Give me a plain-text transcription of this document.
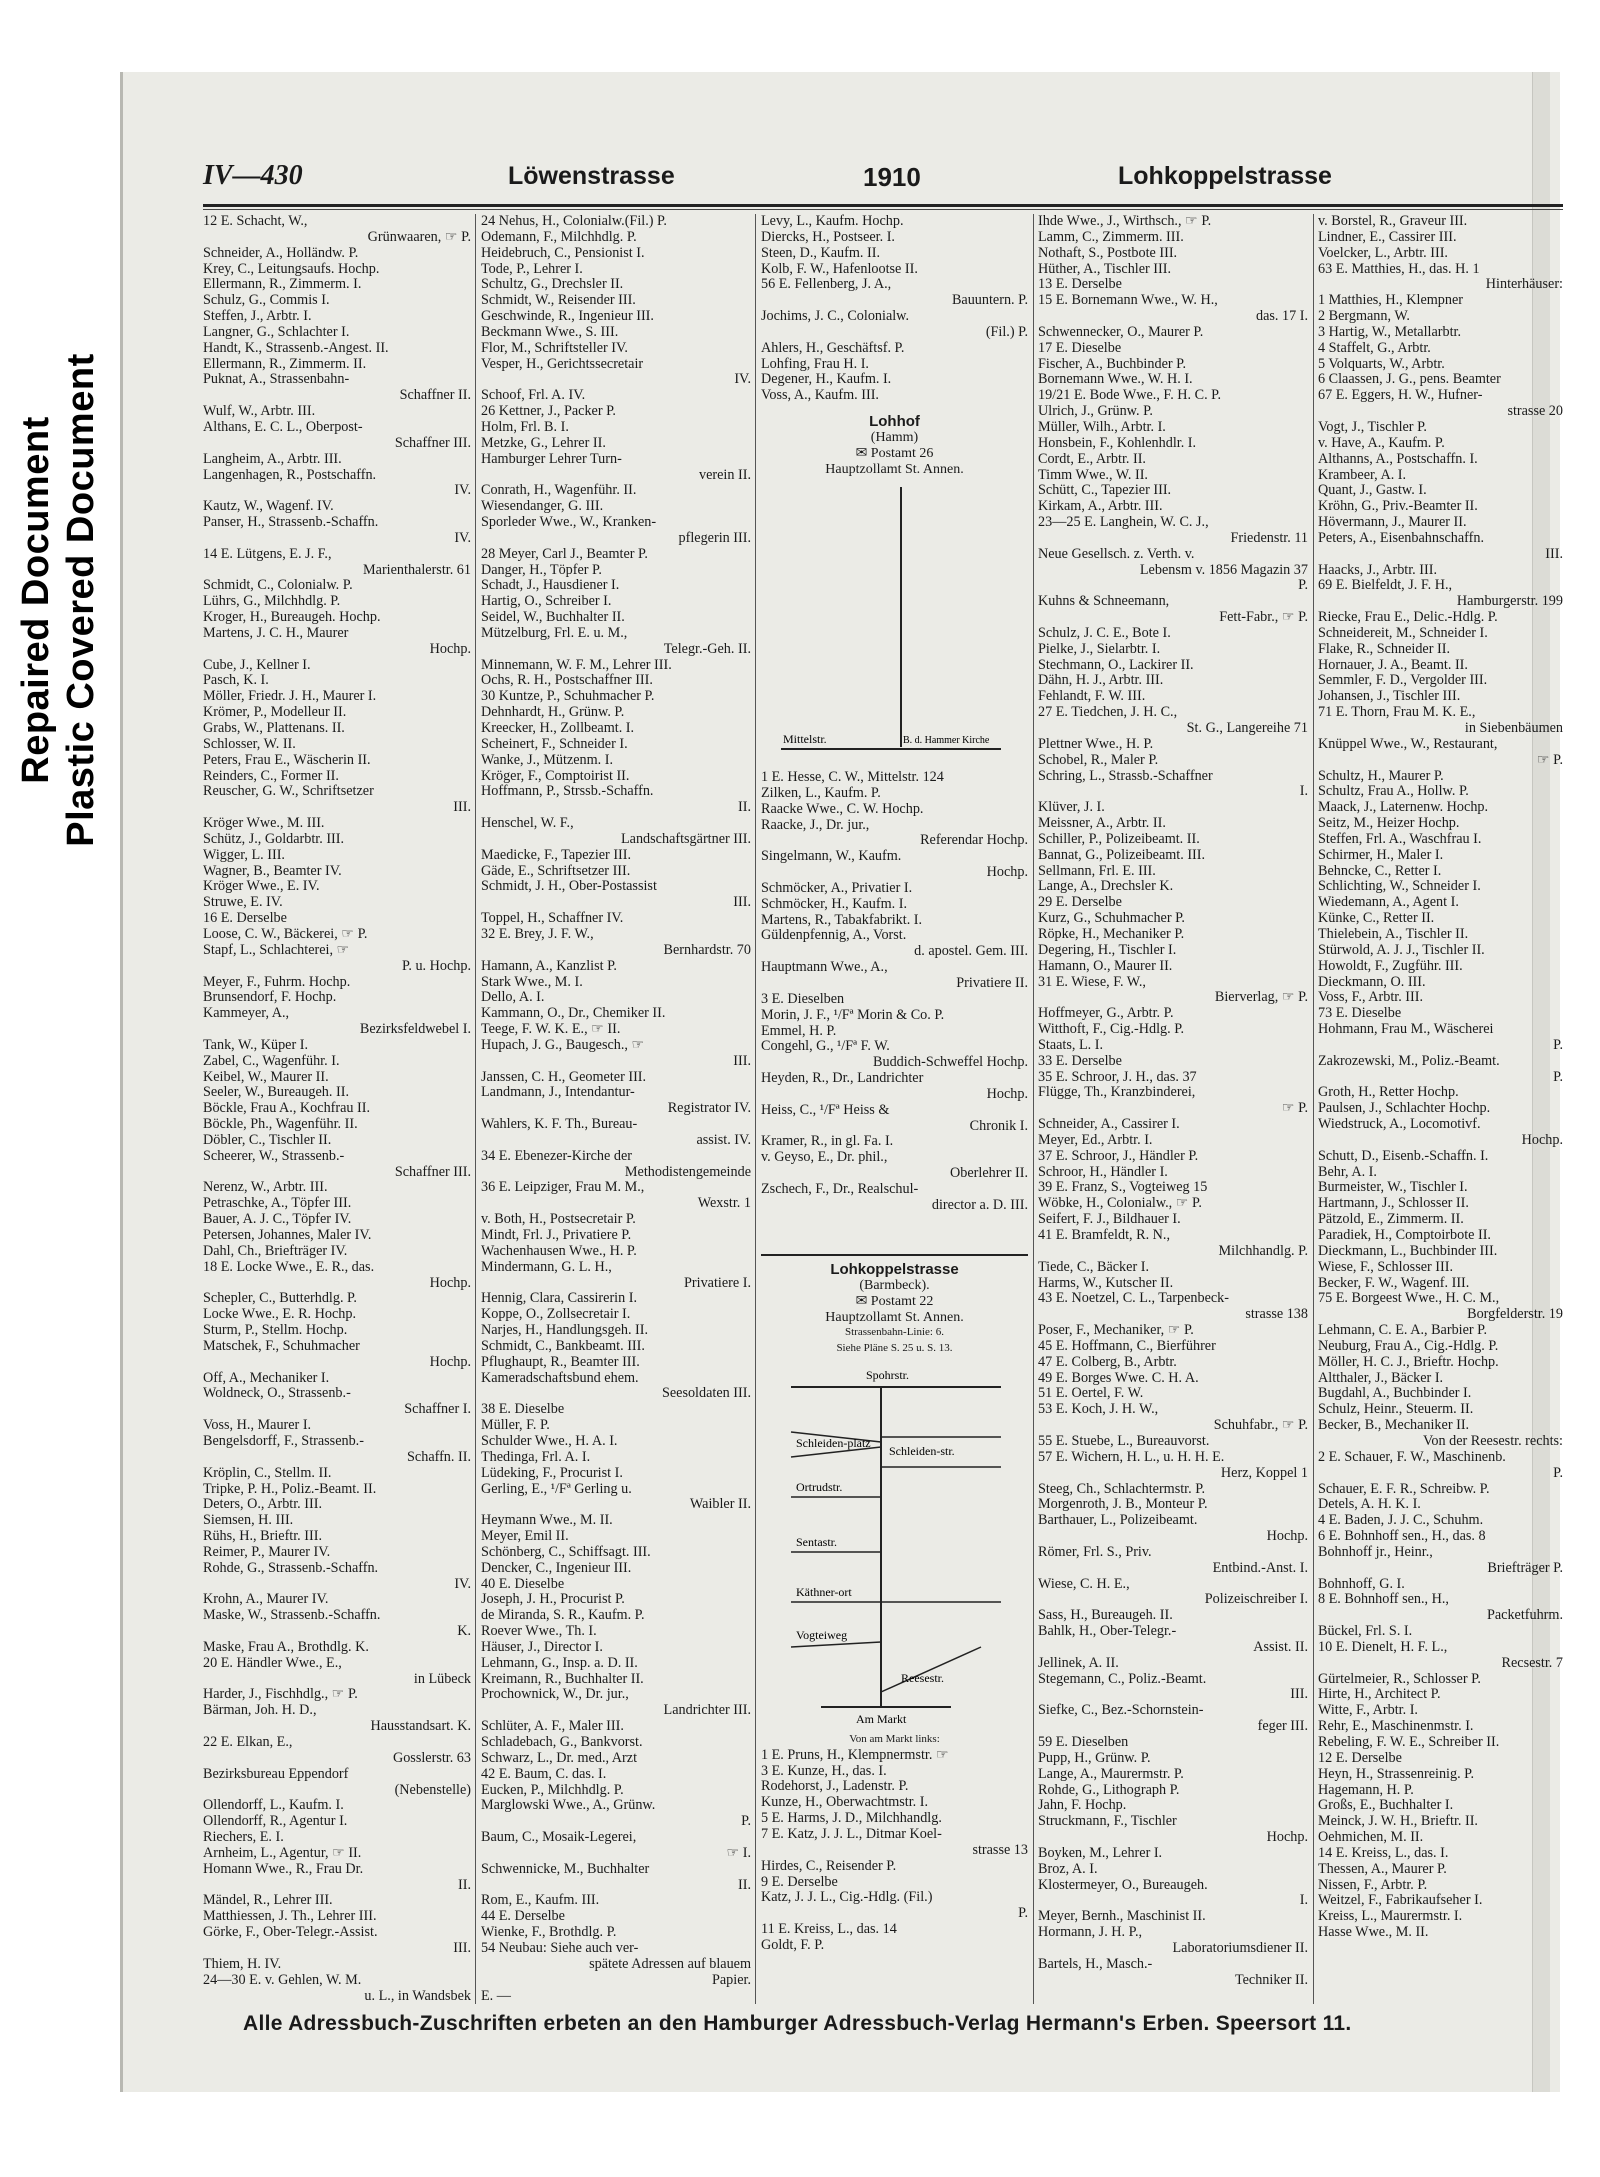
Repaired Document Plastic Covered Document
IV—430	Löwenstrasse	1910	Lohkoppelstrasse
12 E. Schacht, W.,
Grünwaaren, ☞ P.
Schneider, A., Holländw. P.
Krey, C., Leitungsaufs. Hochp.
Ellermann, R., Zimmerm. I.
Schulz, G., Commis I.
Steffen, J., Arbtr. I.
Langner, G., Schlachter I.
Handt, K., Strassenb.-Angest. II.
Ellermann, R., Zimmerm. II.
Puknat, A., Strassenbahn-
Schaffner II.
Wulf, W., Arbtr. III.
Althans, E. C. L., Oberpost-
Schaffner III.
Langheim, A., Arbtr. III.
Langenhagen, R., Postschaffn.
IV.
Kautz, W., Wagenf. IV.
Panser, H., Strassenb.-Schaffn.
IV.
14 E. Lütgens, E. J. F.,
Marienthalerstr. 61
Schmidt, C., Colonialw. P.
Lührs, G., Milchhdlg. P.
Kroger, H., Bureaugeh. Hochp.
Martens, J. C. H., Maurer
Hochp.
Cube, J., Kellner I.
Pasch, K. I.
Möller, Friedr. J. H., Maurer I.
Krömer, P., Modelleur II.
Grabs, W., Plattenans. II.
Schlosser, W. II.
Peters, Frau E., Wäscherin II.
Reinders, C., Former II.
Reuscher, G. W., Schriftsetzer
III.
Kröger Wwe., M. III.
Schütz, J., Goldarbtr. III.
Wigger, L. III.
Wagner, B., Beamter IV.
Kröger Wwe., E. IV.
Struwe, E. IV.
16 E. Derselbe
Loose, C. W., Bäckerei, ☞ P.
Stapf, L., Schlachterei, ☞
P. u. Hochp.
Meyer, F., Fuhrm. Hochp.
Brunsendorf, F. Hochp.
Kammeyer, A.,
Bezirksfeldwebel I.
Tank, W., Küper I.
Zabel, C., Wagenführ. I.
Keibel, W., Maurer II.
Seeler, W., Bureaugeh. II.
Böckle, Frau A., Kochfrau II.
Böckle, Ph., Wagenführ. II.
Döbler, C., Tischler II.
Scheerer, W., Strassenb.-
Schaffner III.
Nerenz, W., Arbtr. III.
Petraschke, A., Töpfer III.
Bauer, A. J. C., Töpfer IV.
Petersen, Johannes, Maler IV.
Dahl, Ch., Briefträger IV.
18 E. Locke Wwe., E. R., das.
Hochp.
Schepler, C., Butterhdlg. P.
Locke Wwe., E. R. Hochp.
Sturm, P., Stellm. Hochp.
Matschek, F., Schuhmacher
Hochp.
Off, A., Mechaniker I.
Woldneck, O., Strassenb.-
Schaffner I.
Voss, H., Maurer I.
Bengelsdorff, F., Strassenb.-
Schaffn. II.
Kröplin, C., Stellm. II.
Tripke, P. H., Poliz.-Beamt. II.
Deters, O., Arbtr. III.
Siemsen, H. III.
Rühs, H., Brieftr. III.
Reimer, P., Maurer IV.
Rohde, G., Strassenb.-Schaffn.
IV.
Krohn, A., Maurer IV.
Maske, W., Strassenb.-Schaffn.
K.
Maske, Frau A., Brothdlg. K.
20 E. Händler Wwe., E.,
in Lübeck
Harder, J., Fischhdlg., ☞ P.
Bärman, Joh. H. D.,
Hausstandsart. K.
22 E. Elkan, E.,
Gosslerstr. 63
Bezirksbureau Eppendorf
(Nebenstelle)
Ollendorff, L., Kaufm. I.
Ollendorff, R., Agentur I.
Riechers, E. I.
Arnheim, L., Agentur, ☞ II.
Homann Wwe., R., Frau Dr.
II.
Mändel, R., Lehrer III.
Matthiessen, J. Th., Lehrer III.
Görke, F., Ober-Telegr.-Assist.
III.
Thiem, H. IV.
24—30 E. v. Gehlen, W. M.
u. L., in Wandsbek
24 Nehus, H., Colonialw.(Fil.) P.
Odemann, F., Milchhdlg. P.
Heidebruch, C., Pensionist I.
Tode, P., Lehrer I.
Schultz, G., Drechsler II.
Schmidt, W., Reisender III.
Geschwinde, R., Ingenieur III.
Beckmann Wwe., S. III.
Flor, M., Schriftsteller IV.
Vesper, H., Gerichtssecretair
IV.
Schoof, Frl. A. IV.
26 Kettner, J., Packer P.
Holm, Frl. B. I.
Metzke, G., Lehrer II.
Hamburger Lehrer Turn-
verein II.
Conrath, H., Wagenführ. II.
Wiesendanger, G. III.
Sporleder Wwe., W., Kranken-
pflegerin III.
28 Meyer, Carl J., Beamter P.
Danger, H., Töpfer P.
Schadt, J., Hausdiener I.
Hartig, O., Schreiber I.
Seidel, W., Buchhalter II.
Mützelburg, Frl. E. u. M.,
Telegr.-Geh. II.
Minnemann, W. F. M., Lehrer III.
Ochs, R. H., Postschaffner III.
30 Kuntze, P., Schuhmacher P.
Dehnhardt, H., Grünw. P.
Kreecker, H., Zollbeamt. I.
Scheinert, F., Schneider I.
Wanke, J., Mützenm. I.
Kröger, F., Comptoirist II.
Hoffmann, P., Strssb.-Schaffn.
II.
Henschel, W. F.,
Landschaftsgärtner III.
Maedicke, F., Tapezier III.
Gäde, E., Schriftsetzer III.
Schmidt, J. H., Ober-Postassist
III.
Toppel, H., Schaffner IV.
32 E. Brey, J. F. W.,
Bernhardstr. 70
Hamann, A., Kanzlist P.
Stark Wwe., M. I.
Dello, A. I.
Kammann, O., Dr., Chemiker II.
Teege, F. W. K. E., ☞ II.
Hupach, J. G., Baugesch., ☞
III.
Janssen, C. H., Geometer III.
Landmann, J., Intendantur-
Registrator IV.
Wahlers, K. F. Th., Bureau-
assist. IV.
34 E. Ebenezer-Kirche der
Methodistengemeinde
36 E. Leipziger, Frau M. M.,
Wexstr. 1
v. Both, H., Postsecretair P.
Mindt, Frl. J., Privatiere P.
Wachenhausen Wwe., H. P.
Mindermann, G. L. H.,
Privatiere I.
Hennig, Clara, Cassirerin I.
Koppe, O., Zollsecretair I.
Narjes, H., Handlungsgeh. II.
Schmidt, C., Bankbeamt. III.
Pflughaupt, R., Beamter III.
Kameradschaftsbund ehem.
Seesoldaten III.
38 E. Dieselbe
Müller, F. P.
Schulder Wwe., H. A. I.
Thedinga, Frl. A. I.
Lüdeking, F., Procurist I.
Gerling, E., ¹/Fª Gerling u.
Waibler II.
Heymann Wwe., M. II.
Meyer, Emil II.
Schönberg, C., Schiffsagt. III.
Dencker, C., Ingenieur III.
40 E. Dieselbe
Joseph, J. H., Procurist P.
de Miranda, S. R., Kaufm. P.
Roever Wwe., Th. I.
Häuser, J., Director I.
Lehmann, G., Insp. a. D. II.
Kreimann, R., Buchhalter II.
Prochownick, W., Dr. jur.,
Landrichter III.
Schlüter, A. F., Maler III.
Schladebach, G., Bankvorst.
Schwarz, L., Dr. med., Arzt
42 E. Baum, C. das. I.
Eucken, P., Milchhdlg. P.
Marglowski Wwe., A., Grünw.
P.
Baum, C., Mosaik-Legerei,
☞ I.
Schwennicke, M., Buchhalter
II.
Rom, E., Kaufm. III.
44 E. Derselbe
Wienke, F., Brothdlg. P.
54 Neubau: Siehe auch ver-
spätete Adressen auf blauem
Papier.
E. —
Levy, L., Kaufm. Hochp.
Diercks, H., Postseer. I.
Steen, D., Kaufm. II.
Kolb, F. W., Hafenlootse II.
56 E. Fellenberg, J. A.,
Bauuntern. P.
Jochims, J. C., Colonialw.
(Fil.) P.
Ahlers, H., Geschäftsf. P.
Lohfing, Frau H. I.
Degener, H., Kaufm. I.
Voss, A., Kaufm. III.
Lohhof
(Hamm)
✉ Postamt 26
Hauptzollamt St. Annen.
Mittelstr.	B. d. Hammer Kirche
1 E. Hesse, C. W., Mittelstr. 124
Zilken, L., Kaufm. P.
Raacke Wwe., C. W. Hochp.
Raacke, J., Dr. jur.,
Referendar Hochp.
Singelmann, W., Kaufm.
Hochp.
Schmöcker, A., Privatier I.
Schmöcker, H., Kaufm. I.
Martens, R., Tabakfabrikt. I.
Güldenpfennig, A., Vorst.
d. apostel. Gem. III.
Hauptmann Wwe., A.,
Privatiere II.
3 E. Dieselben
Morin, J. F., ¹/Fª Morin & Co. P.
Emmel, H. P.
Congehl, G., ¹/Fª F. W.
Buddich-Schweffel Hochp.
Heyden, R., Dr., Landrichter
Hochp.
Heiss, C., ¹/Fª Heiss &
Chronik I.
Kramer, R., in gl. Fa. I.
v. Geyso, E., Dr. phil.,
Oberlehrer II.
Zschech, F., Dr., Realschul-
director a. D. III.
Lohkoppelstrasse
(Barmbeck).
✉ Postamt 22
Hauptzollamt St. Annen.
Strassenbahn-Linie: 6.
Siehe Pläne S. 25 u. S. 13.
Spohrstr.
Schleiden-platz
Schleiden-str.
Ortrudstr.
Sentastr.
Käthner-ort
Vogteiweg
Reesestr.
Am Markt
Von am Markt links:
1 E. Pruns, H., Klempnermstr. ☞
3 E. Kunze, H., das. I.
Rodehorst, J., Ladenstr. P.
Kunze, H., Oberwachtmstr. I.
5 E. Harms, J. D., Milchhandlg.
7 E. Katz, J. J. L., Ditmar Koel-
strasse 13
Hirdes, C., Reisender P.
9 E. Derselbe
Katz, J. J. L., Cig.-Hdlg. (Fil.)
P.
11 E. Kreiss, L., das. 14
Goldt, F. P.
Ihde Wwe., J., Wirthsch., ☞ P.
Lamm, C., Zimmerm. III.
Nothaft, S., Postbote III.
Hüther, A., Tischler III.
13 E. Derselbe
15 E. Bornemann Wwe., W. H.,
das. 17 I.
Schwennecker, O., Maurer P.
17 E. Dieselbe
Fischer, A., Buchbinder P.
Bornemann Wwe., W. H. I.
19/21 E. Bode Wwe., F. H. C. P.
Ulrich, J., Grünw. P.
Müller, Wilh., Arbtr. I.
Honsbein, F., Kohlenhdlr. I.
Cordt, E., Arbtr. II.
Timm Wwe., W. II.
Schütt, C., Tapezier III.
Kirkam, A., Arbtr. III.
23—25 E. Langhein, W. C. J.,
Friedenstr. 11
Neue Gesellsch. z. Verth. v.
Lebensm v. 1856 Magazin 37
P.
Kuhns & Schneemann,
Fett-Fabr., ☞ P.
Schulz, J. C. E., Bote I.
Pielke, J., Sielarbtr. I.
Stechmann, O., Lackirer II.
Dähn, H. J., Arbtr. III.
Fehlandt, F. W. III.
27 E. Tiedchen, J. H. C.,
St. G., Langereihe 71
Plettner Wwe., H. P.
Schobel, R., Maler P.
Schring, L., Strassb.-Schaffner
I.
Klüver, J. I.
Meissner, A., Arbtr. II.
Schiller, P., Polizeibeamt. II.
Bannat, G., Polizeibeamt. III.
Sellmann, Frl. E. III.
Lange, A., Drechsler K.
29 E. Derselbe
Kurz, G., Schuhmacher P.
Röpke, H., Mechaniker P.
Degering, H., Tischler I.
Hamann, O., Maurer II.
31 E. Wiese, F. W.,
Bierverlag, ☞ P.
Hoffmeyer, G., Arbtr. P.
Witthoft, F., Cig.-Hdlg. P.
Staats, L. I.
33 E. Derselbe
35 E. Schroor, J. H., das. 37
Flügge, Th., Kranzbinderei,
☞ P.
Schneider, A., Cassirer I.
Meyer, Ed., Arbtr. I.
37 E. Schroor, J., Händler P.
Schroor, H., Händler I.
39 E. Franz, S., Vogteiweg 15
Wöbke, H., Colonialw., ☞ P.
Seifert, F. J., Bildhauer I.
41 E. Bramfeldt, R. N.,
Milchhandlg. P.
Tiede, C., Bäcker I.
Harms, W., Kutscher II.
43 E. Noetzel, C. L., Tarpenbeck-
strasse 138
Poser, F., Mechaniker, ☞ P.
45 E. Hoffmann, C., Bierführer
47 E. Colberg, B., Arbtr.
49 E. Borges Wwe. C. H. A.
51 E. Oertel, F. W.
53 E. Koch, J. H. W.,
Schuhfabr., ☞ P.
55 E. Stuebe, L., Bureauvorst.
57 E. Wichern, H. L., u. H. H. E.
Herz, Koppel 1
Steeg, Ch., Schlachtermstr. P.
Morgenroth, J. B., Monteur P.
Barthauer, L., Polizeibeamt.
Hochp.
Römer, Frl. S., Priv.
Entbind.-Anst. I.
Wiese, C. H. E.,
Polizeischreiber I.
Sass, H., Bureaugeh. II.
Bahlk, H., Ober-Telegr.-
Assist. II.
Jellinek, A. II.
Stegemann, C., Poliz.-Beamt.
III.
Siefke, C., Bez.-Schornstein-
feger III.
59 E. Dieselben
Pupp, H., Grünw. P.
Lange, A., Maurermstr. P.
Rohde, G., Lithograph P.
Jahn, F. Hochp.
Struckmann, F., Tischler
Hochp.
Boyken, M., Lehrer I.
Broz, A. I.
Klostermeyer, O., Bureaugeh.
I.
Meyer, Bernh., Maschinist II.
Hormann, J. H. P.,
Laboratoriumsdiener II.
Bartels, H., Masch.-
Techniker II.
v. Borstel, R., Graveur III.
Lindner, E., Cassirer III.
Voelcker, L., Arbtr. III.
63 E. Matthies, H., das. H. 1
Hinterhäuser:
1 Matthies, H., Klempner
2 Bergmann, W.
3 Hartig, W., Metallarbtr.
4 Staffelt, G., Arbtr.
5 Volquarts, W., Arbtr.
6 Claassen, J. G., pens. Beamter
67 E. Eggers, H. W., Hufner-
strasse 20
Vogt, J., Tischler P.
v. Have, A., Kaufm. P.
Althanns, A., Postschaffn. I.
Krambeer, A. I.
Quant, J., Gastw. I.
Kröhn, G., Priv.-Beamter II.
Hövermann, J., Maurer II.
Peters, A., Eisenbahnschaffn.
III.
Haacks, J., Arbtr. III.
69 E. Bielfeldt, J. F. H.,
Hamburgerstr. 199
Riecke, Frau E., Delic.-Hdlg. P.
Schneidereit, M., Schneider I.
Flake, R., Schneider II.
Hornauer, J. A., Beamt. II.
Semmler, F. D., Vergolder III.
Johansen, J., Tischler III.
71 E. Thorn, Frau M. K. E.,
in Siebenbäumen
Knüppel Wwe., W., Restaurant,
☞ P.
Schultz, H., Maurer P.
Schultz, Frau A., Hollw. P.
Maack, J., Laternenw. Hochp.
Seitz, M., Heizer Hochp.
Steffen, Frl. A., Waschfrau I.
Schirmer, H., Maler I.
Behncke, C., Retter I.
Schlichting, W., Schneider I.
Wiedemann, A., Agent I.
Künke, C., Retter II.
Thielebein, A., Tischler II.
Stürwold, A. J. J., Tischler II.
Howoldt, F., Zugführ. III.
Dieckmann, O. III.
Voss, F., Arbtr. III.
73 E. Dieselbe
Hohmann, Frau M., Wäscherei
P.
Zakrozewski, M., Poliz.-Beamt.
P.
Groth, H., Retter Hochp.
Paulsen, J., Schlachter Hochp.
Wiedstruck, A., Locomotivf.
Hochp.
Schutt, D., Eisenb.-Schaffn. I.
Behr, A. I.
Burmeister, W., Tischler I.
Hartmann, J., Schlosser II.
Pätzold, E., Zimmerm. II.
Paradiek, H., Comptoirbote II.
Dieckmann, L., Buchbinder III.
Wiese, F., Schlosser III.
Becker, F. W., Wagenf. III.
75 E. Borgeest Wwe., H. C. M.,
Borgfelderstr. 19
Lehmann, C. E. A., Barbier P.
Neuburg, Frau A., Cig.-Hdlg. P.
Möller, H. C. J., Brieftr. Hochp.
Altthaler, J., Bäcker I.
Bugdahl, A., Buchbinder I.
Schulz, Heinr., Steuerm. II.
Becker, B., Mechaniker II.
Von der Reesestr. rechts:
2 E. Schauer, F. W., Maschinenb.
P.
Schauer, E. F. R., Schreibw. P.
Detels, A. H. K. I.
4 E. Baden, J. J. C., Schuhm.
6 E. Bohnhoff sen., H., das. 8
Bohnhoff jr., Heinr.,
Briefträger P.
Bohnhoff, G. I.
8 E. Bohnhoff sen., H.,
Packetfuhrm.
Bückel, Frl. S. I.
10 E. Dienelt, H. F. L.,
Recsestr. 7
Gürtelmeier, R., Schlosser P.
Hirte, H., Architect P.
Witte, F., Arbtr. I.
Rehr, E., Maschinenmstr. I.
Rebeling, F. W. E., Schreiber II.
12 E. Derselbe
Heyn, H., Strassenreinig. P.
Hagemann, H. P.
Großs, E., Buchhalter I.
Meinck, J. W. H., Brieftr. II.
Oehmichen, M. II.
14 E. Kreiss, L., das. I.
Thessen, A., Maurer P.
Nissen, F., Arbtr. P.
Weitzel, F., Fabrikaufseher I.
Kreiss, L., Maurermstr. I.
Hasse Wwe., M. II.
Alle Adressbuch-Zuschriften erbeten an den Hamburger Adressbuch-Verlag Hermann's Erben. Speersort 11.
